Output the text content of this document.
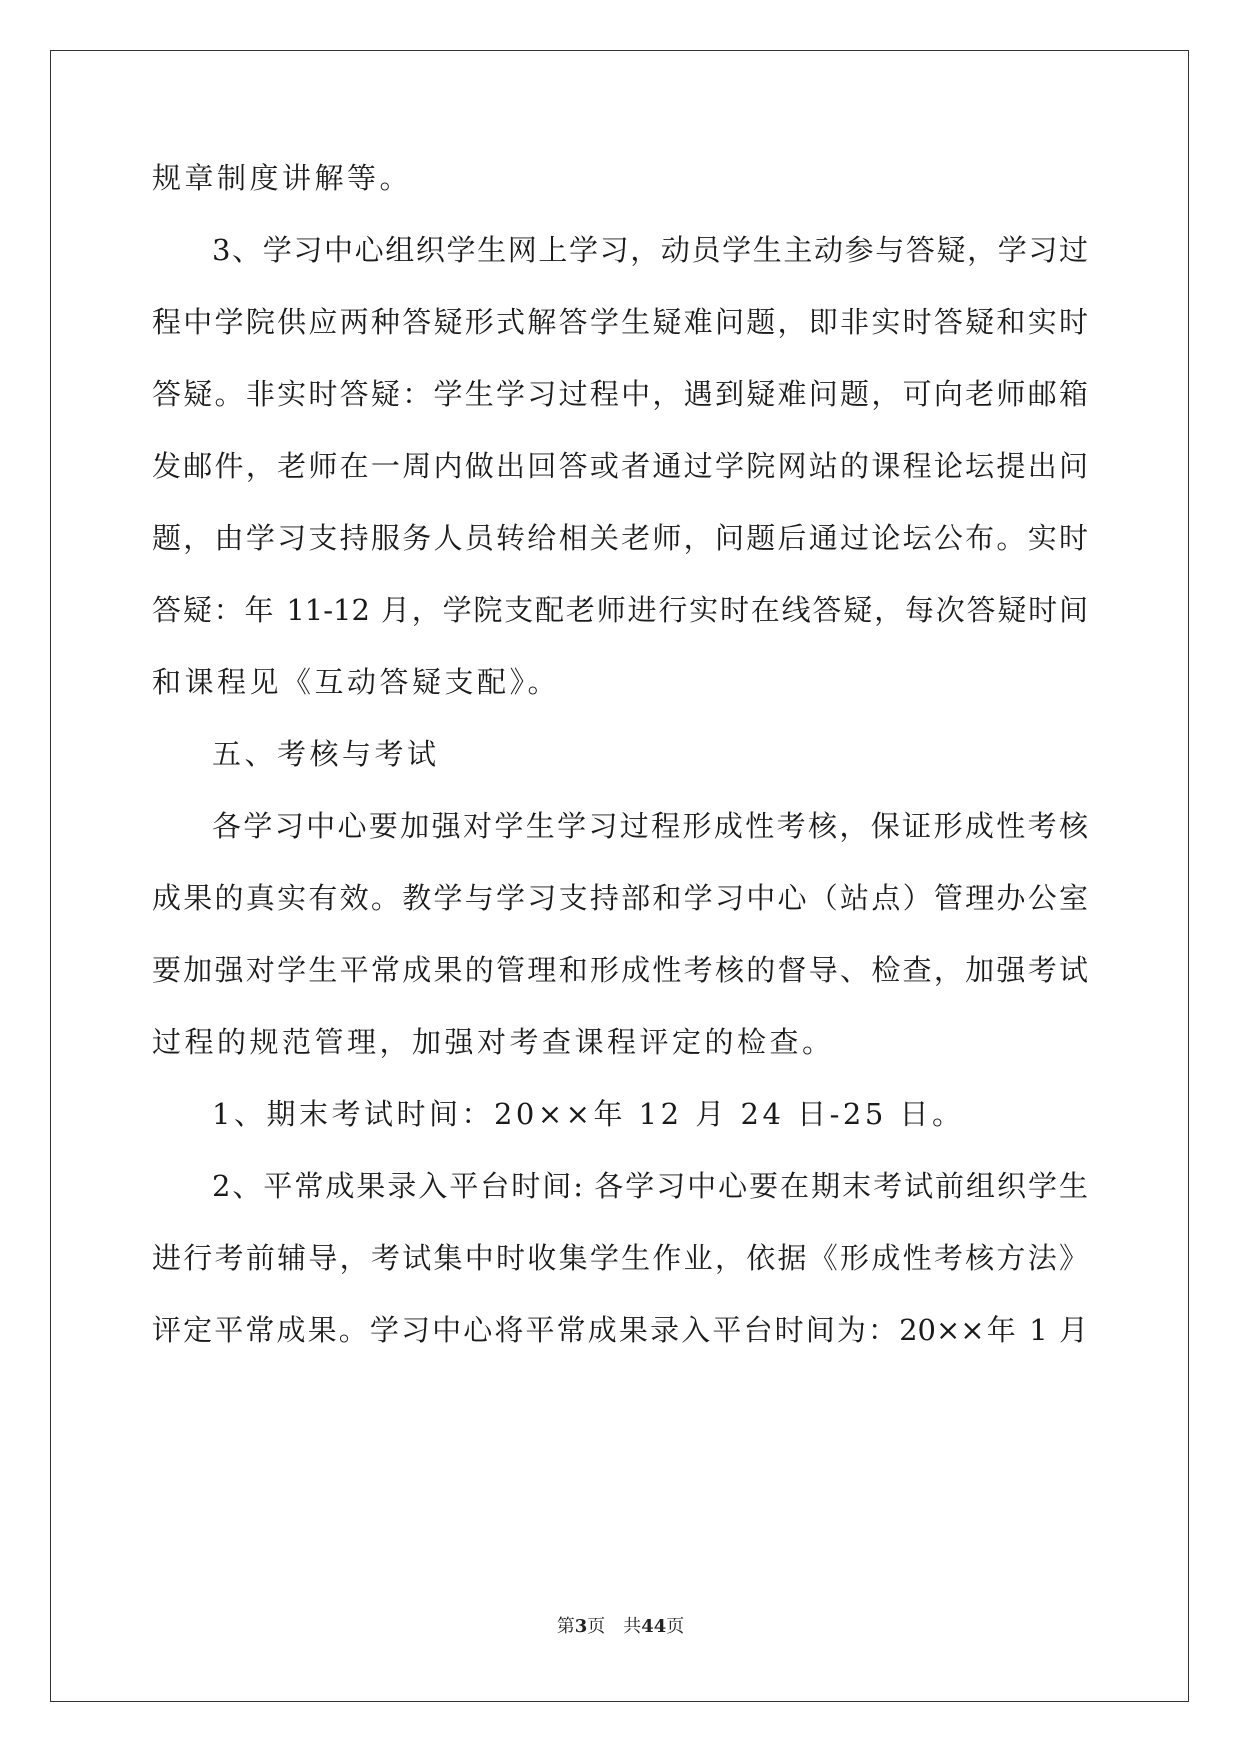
规章制度讲解等。
3、学习中心组织学生网上学习，动员学生主动参与答疑，学习过
程中学院供应两种答疑形式解答学生疑难问题，即非实时答疑和实时
答疑。非实时答疑：学生学习过程中，遇到疑难问题，可向老师邮箱
发邮件，老师在一周内做出回答或者通过学院网站的课程论坛提出问
题，由学习支持服务人员转给相关老师，问题后通过论坛公布。实时
答疑：年 11-12 月，学院支配老师进行实时在线答疑，每次答疑时间
和课程见《互动答疑支配》。
五、考核与考试
各学习中心要加强对学生学习过程形成性考核，保证形成性考核
成果的真实有效。教学与学习支持部和学习中心（站点）管理办公室
要加强对学生平常成果的管理和形成性考核的督导、检查，加强考试
过程的规范管理，加强对考查课程评定的检查。
1、期末考试时间：20××年 12 月 24 日-25 日。
2、平常成果录入平台时间: 各学习中心要在期末考试前组织学生
进行考前辅导，考试集中时收集学生作业，依据《形成性考核方法》
评定平常成果。学习中心将平常成果录入平台时间为：20××年 1 月
第3页 共44页
